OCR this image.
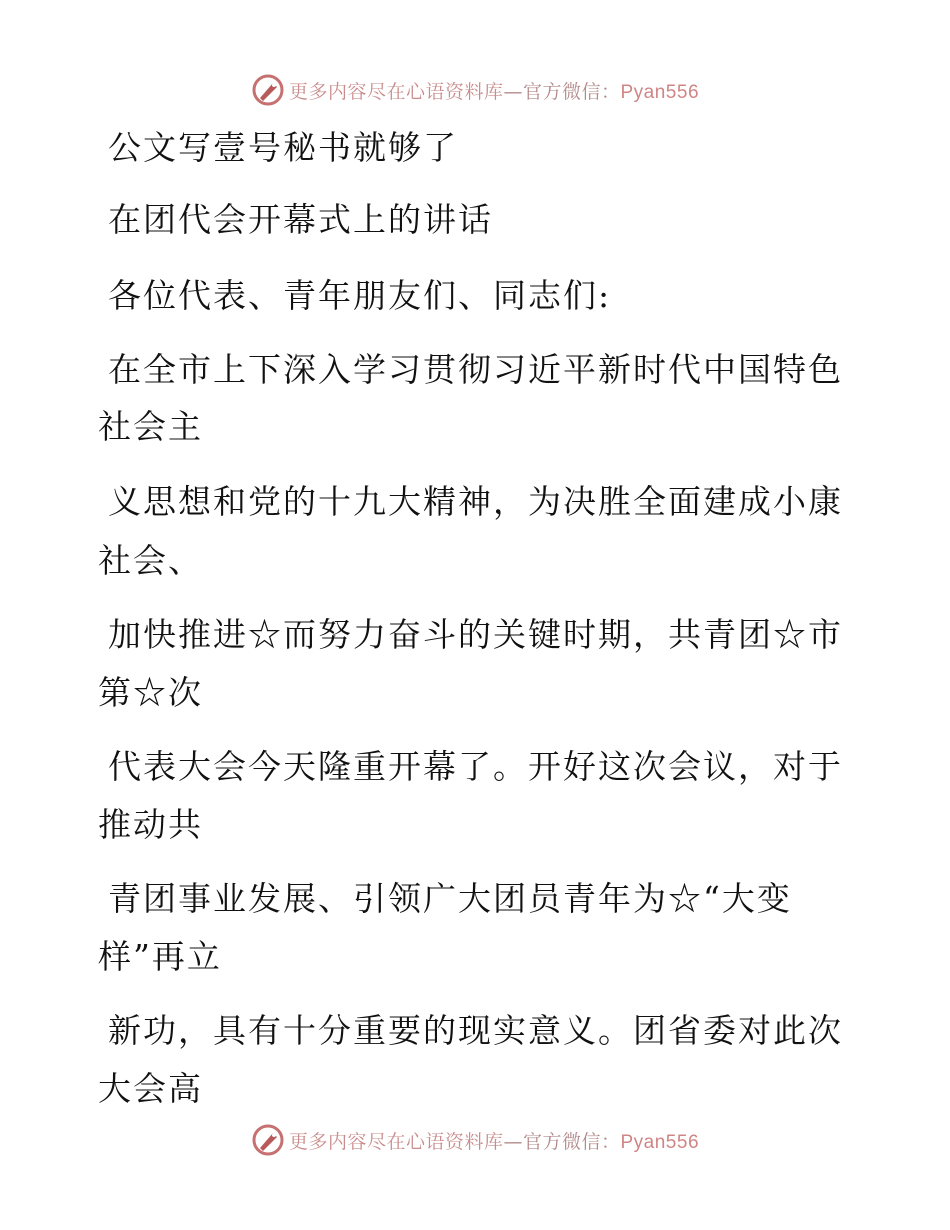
更多内容尽在心语资料库—官方微信：Pyan556
公文写壹号秘书就够了
在团代会开幕式上的讲话
各位代表、青年朋友们、同志们:
在全市上下深入学习贯彻习近平新时代中国特色
社会主
义思想和党的十九大精神，为决胜全面建成小康
社会、
加快推进☆而努力奋斗的关键时期，共青团☆市
第☆次
代表大会今天隆重开幕了。开好这次会议，对于
推动共
青团事业发展、引领广大团员青年为☆“大变
样”再立
新功，具有十分重要的现实意义。团省委对此次
大会高
更多内容尽在心语资料库—官方微信：Pyan556
